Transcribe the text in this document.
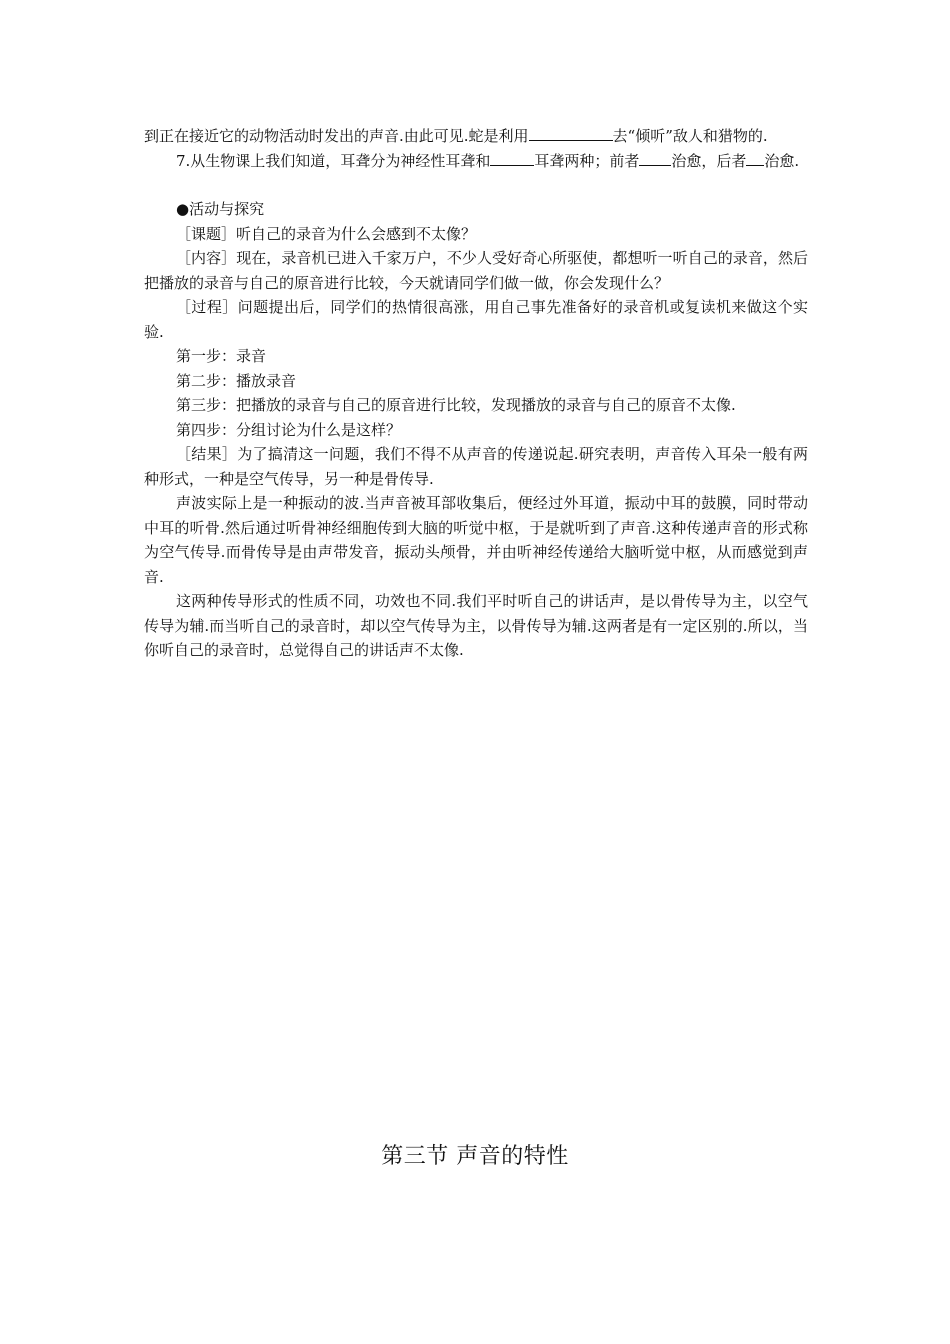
到正在接近它的动物活动时发出的声音.由此可见.蛇是利用	去“倾听”敌人和猎物的.

7.从生物课上我们知道，耳聋分为神经性耳聋和	耳聋两种；前者 治愈，后者 治愈.

●活动与探究

［课题］听自己的录音为什么会感到不太像？

［内容］现在，录音机已进入千家万户，不少人受好奇心所驱使，都想听一听自己的录音，然后把播放的录音与自己的原音进行比较，今天就请同学们做一做，你会发现什么？

［过程］问题提出后，同学们的热情很高涨，用自己事先准备好的录音机或复读机来做这个实验.

第一步：录音

第二步：播放录音

第三步：把播放的录音与自己的原音进行比较，发现播放的录音与自己的原音不太像.

第四步：分组讨论为什么是这样？

［结果］为了搞清这一问题，我们不得不从声音的传递说起.研究表明，声音传入耳朵一般有两种形式，一种是空气传导，另一种是骨传导.

声波实际上是一种振动的波.当声音被耳部收集后，便经过外耳道，振动中耳的鼓膜，同时带动中耳的听骨.然后通过听骨神经细胞传到大脑的听觉中枢，于是就听到了声音.这种传递声音的形式称为空气传导.而骨传导是由声带发音，振动头颅骨，并由听神经传递给大脑听觉中枢，从而感觉到声音.

这两种传导形式的性质不同，功效也不同.我们平时听自己的讲话声，是以骨传导为主，以空气传导为辅.而当听自己的录音时，却以空气传导为主，以骨传导为辅.这两者是有一定区别的.所以，当你听自己的录音时，总觉得自己的讲话声不太像.

第三节 声音的特性
